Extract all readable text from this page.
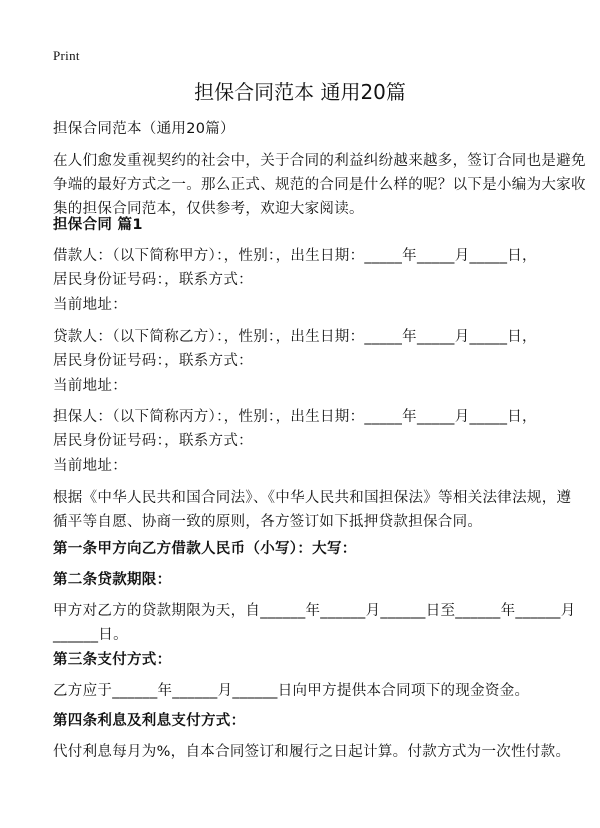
Print
担保合同范本 通用20篇
担保合同范本（通用20篇）
在人们愈发重视契约的社会中，关于合同的利益纠纷越来越多，签订合同也是避免
争端的最好方式之一。那么正式、规范的合同是什么样的呢？以下是小编为大家收
集的担保合同范本，仅供参考，欢迎大家阅读。
担保合同 篇1
借款人：（以下简称甲方）：，性别：，出生日期：_____年_____月_____日，
居民身份证号码：，联系方式：
当前地址：
贷款人：（以下简称乙方）：，性别：，出生日期：_____年_____月_____日，
居民身份证号码：，联系方式：
当前地址：
担保人：（以下简称丙方）：，性别：，出生日期：_____年_____月_____日，
居民身份证号码：，联系方式：
当前地址：
根据《中华人民共和国合同法》、《中华人民共和国担保法》等相关法律法规，遵
循平等自愿、协商一致的原则，各方签订如下抵押贷款担保合同。
第一条甲方向乙方借款人民币（小写）：大写：
第二条贷款期限：
甲方对乙方的贷款期限为天，自______年______月______日至______年______月
______日。
第三条支付方式：
乙方应于______年______月______日向甲方提供本合同项下的现金资金。
第四条利息及利息支付方式：
代付利息每月为%，自本合同签订和履行之日起计算。付款方式为一次性付款。
